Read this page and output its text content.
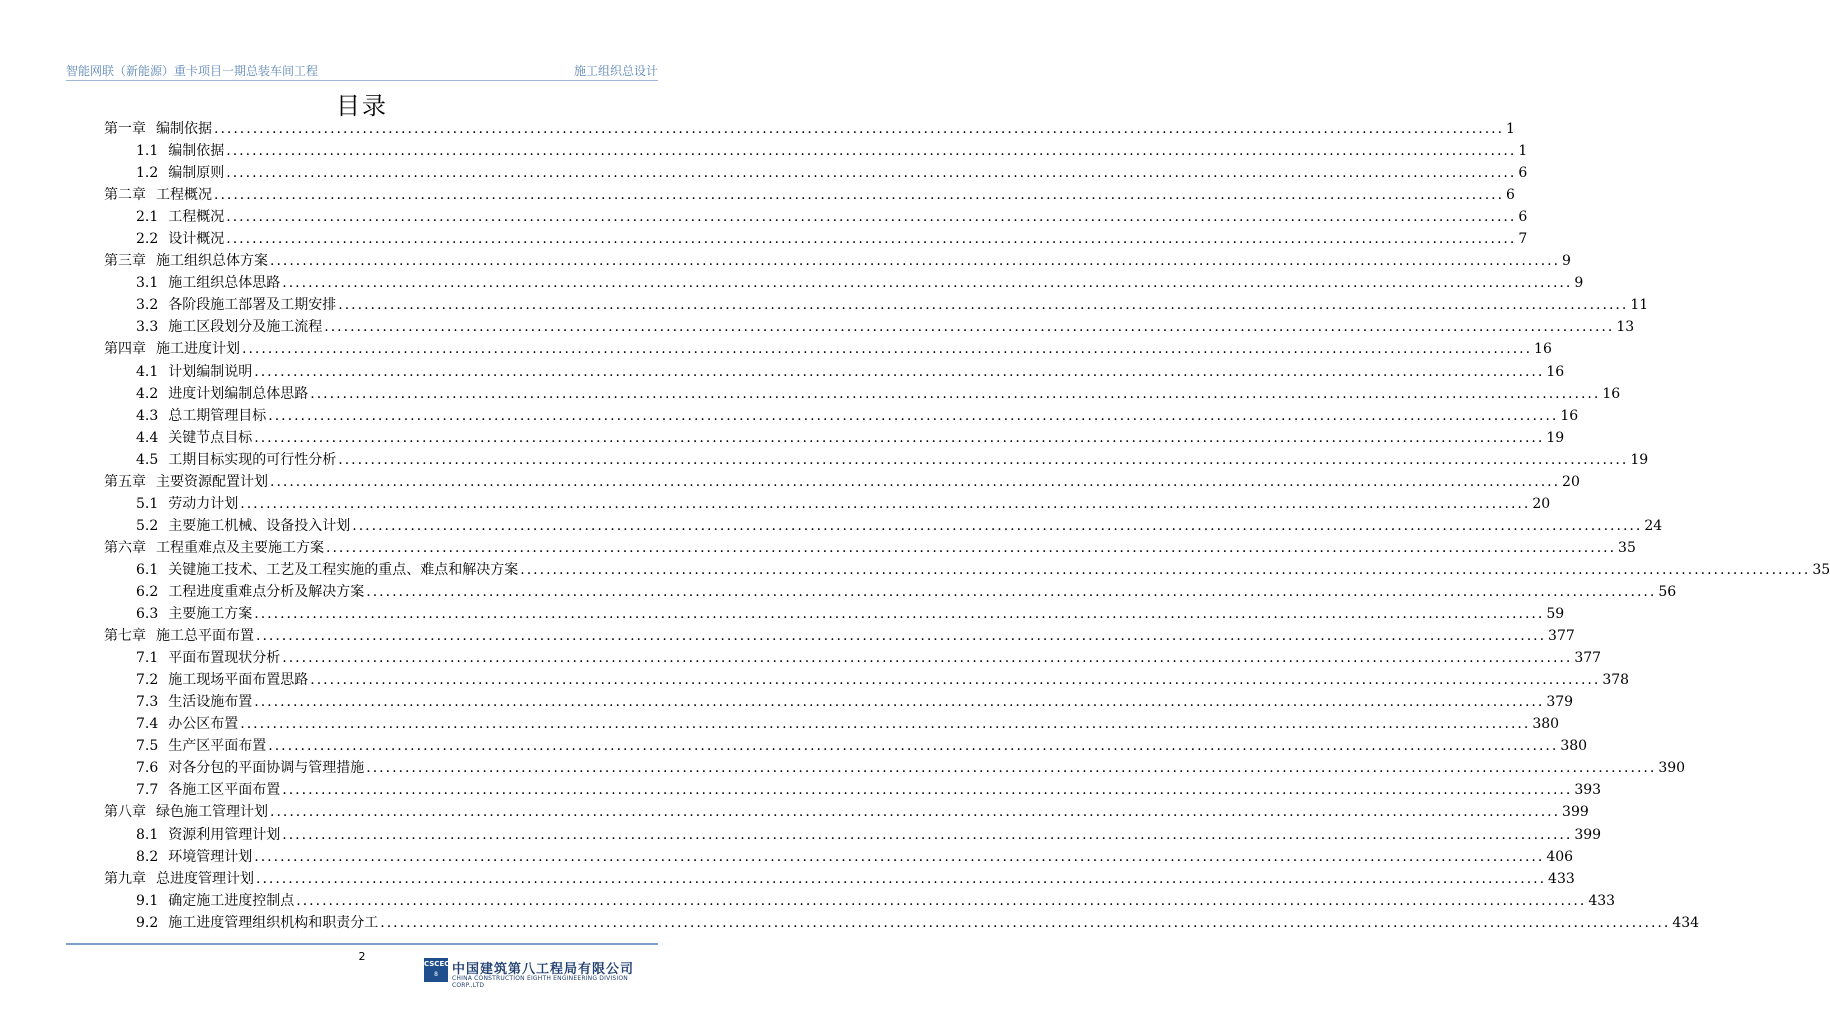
智能网联（新能源）重卡项目一期总装车间工程	施工组织总设计
目录
第一章 编制依据 ........................................................................................................................................................................................................ 1
1.1 编制依据 ........................................................................................................................................................................................................ 1
1.2 编制原则 ........................................................................................................................................................................................................ 6
第二章 工程概况 ........................................................................................................................................................................................................ 6
2.1 工程概况 ........................................................................................................................................................................................................ 6
2.2 设计概况 ........................................................................................................................................................................................................ 7
第三章 施工组织总体方案 ........................................................................................................................................................................................................ 9
3.1 施工组织总体思路 ........................................................................................................................................................................................................ 9
3.2 各阶段施工部署及工期安排 ........................................................................................................................................................................................................ 11
3.3 施工区段划分及施工流程 ........................................................................................................................................................................................................ 13
第四章 施工进度计划 ........................................................................................................................................................................................................ 16
4.1 计划编制说明 ........................................................................................................................................................................................................ 16
4.2 进度计划编制总体思路 ........................................................................................................................................................................................................ 16
4.3 总工期管理目标 ........................................................................................................................................................................................................ 16
4.4 关键节点目标 ........................................................................................................................................................................................................ 19
4.5 工期目标实现的可行性分析 ........................................................................................................................................................................................................ 19
第五章 主要资源配置计划 ........................................................................................................................................................................................................ 20
5.1 劳动力计划 ........................................................................................................................................................................................................ 20
5.2 主要施工机械、设备投入计划 ........................................................................................................................................................................................................ 24
第六章 工程重难点及主要施工方案 ........................................................................................................................................................................................................ 35
6.1 关键施工技术、工艺及工程实施的重点、难点和解决方案 ........................................................................................................................................................................................................ 35
6.2 工程进度重难点分析及解决方案 ........................................................................................................................................................................................................ 56
6.3 主要施工方案 ........................................................................................................................................................................................................ 59
第七章 施工总平面布置 ........................................................................................................................................................................................................ 377
7.1 平面布置现状分析 ........................................................................................................................................................................................................ 377
7.2 施工现场平面布置思路 ........................................................................................................................................................................................................ 378
7.3 生活设施布置 ........................................................................................................................................................................................................ 379
7.4 办公区布置 ........................................................................................................................................................................................................ 380
7.5 生产区平面布置 ........................................................................................................................................................................................................ 380
7.6 对各分包的平面协调与管理措施 ........................................................................................................................................................................................................ 390
7.7 各施工区平面布置 ........................................................................................................................................................................................................ 393
第八章 绿色施工管理计划 ........................................................................................................................................................................................................ 399
8.1 资源利用管理计划 ........................................................................................................................................................................................................ 399
8.2 环境管理计划 ........................................................................................................................................................................................................ 406
第九章 总进度管理计划 ........................................................................................................................................................................................................ 433
9.1 确定施工进度控制点 ........................................................................................................................................................................................................ 433
9.2 施工进度管理组织机构和职责分工 ........................................................................................................................................................................................................ 434
2
CSCEC
8	中国建筑第八工程局有限公司
CHINA CONSTRUCTION EIGHTH ENGINEERING DIVISION CORP.,LTD
